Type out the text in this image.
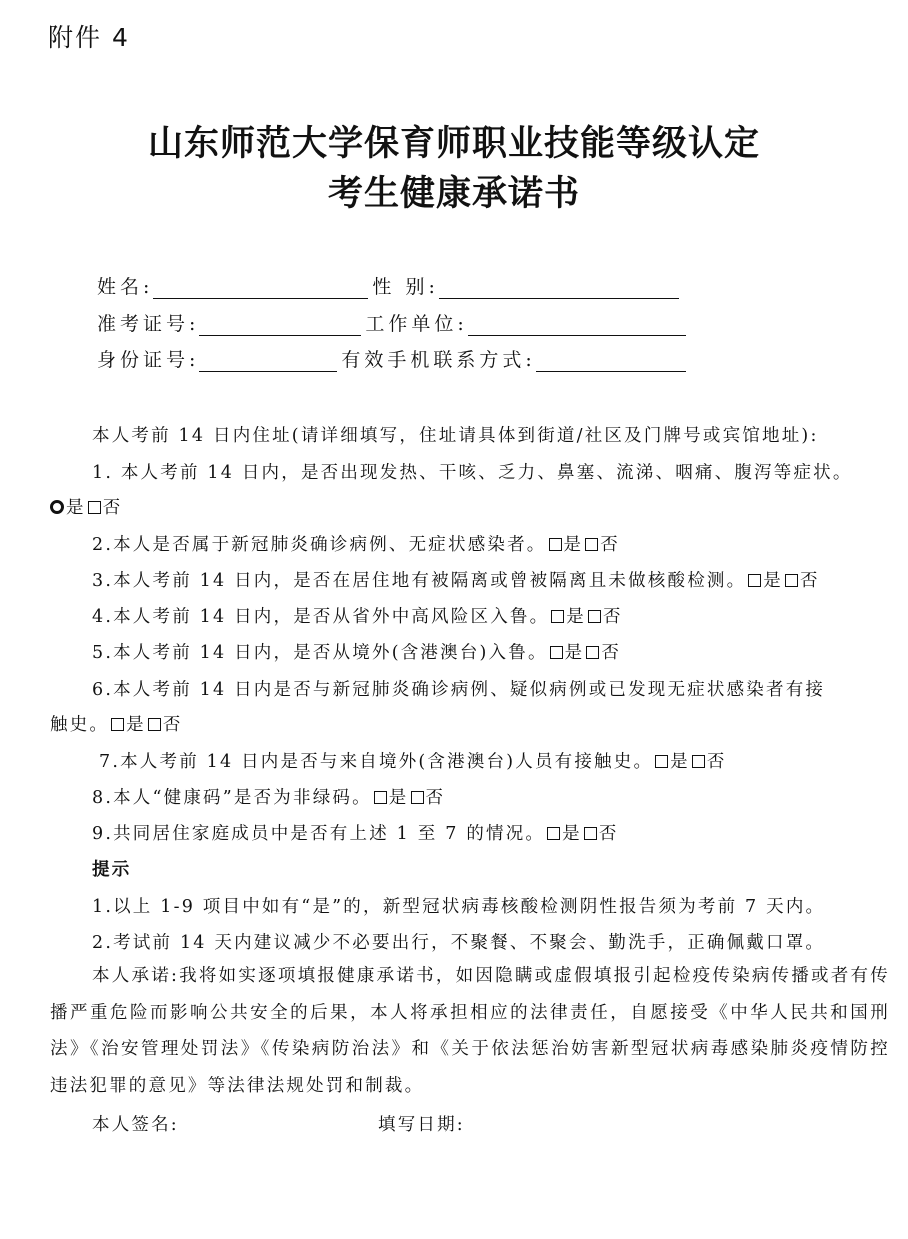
附件 4
山东师范大学保育师职业技能等级认定
考生健康承诺书
姓名:	性 别:
准考证号:	工作单位:
身份证号:	有效手机联系方式:
本人考前 14 日内住址(请详细填写，住址请具体到街道/社区及门牌号或宾馆地址):
1. 本人考前 14 日内，是否出现发热、干咳、乏力、鼻塞、流涕、咽痛、腹泻等症状。
是 否
2.本人是否属于新冠肺炎确诊病例、无症状感染者。 是 否
3.本人考前 14 日内，是否在居住地有被隔离或曾被隔离且未做核酸检测。 是 否
4.本人考前 14 日内，是否从省外中高风险区入鲁。 是 否
5.本人考前 14 日内，是否从境外(含港澳台)入鲁。 是 否
6.本人考前 14 日内是否与新冠肺炎确诊病例、疑似病例或已发现无症状感染者有接
触史。 是 否
7.本人考前 14 日内是否与来自境外(含港澳台)人员有接触史。 是 否
8.本人“健康码”是否为非绿码。 是 否
9.共同居住家庭成员中是否有上述 1 至 7 的情况。 是 否
提示
1.以上 1-9 项目中如有“是”的，新型冠状病毒核酸检测阴性报告须为考前 7 天内。
2.考试前 14 天内建议减少不必要出行，不聚餐、不聚会、勤洗手，正确佩戴口罩。
本人承诺:我将如实逐项填报健康承诺书，如因隐瞒或虚假填报引起检疫传染病传播或者有传播严重危险而影响公共安全的后果，本人将承担相应的法律责任，自愿接受《中华人民共和国刑法》《治安管理处罚法》《传染病防治法》和《关于依法惩治妨害新型冠状病毒感染肺炎疫情防控违法犯罪的意见》等法律法规处罚和制裁。
本人签名:	填写日期:
